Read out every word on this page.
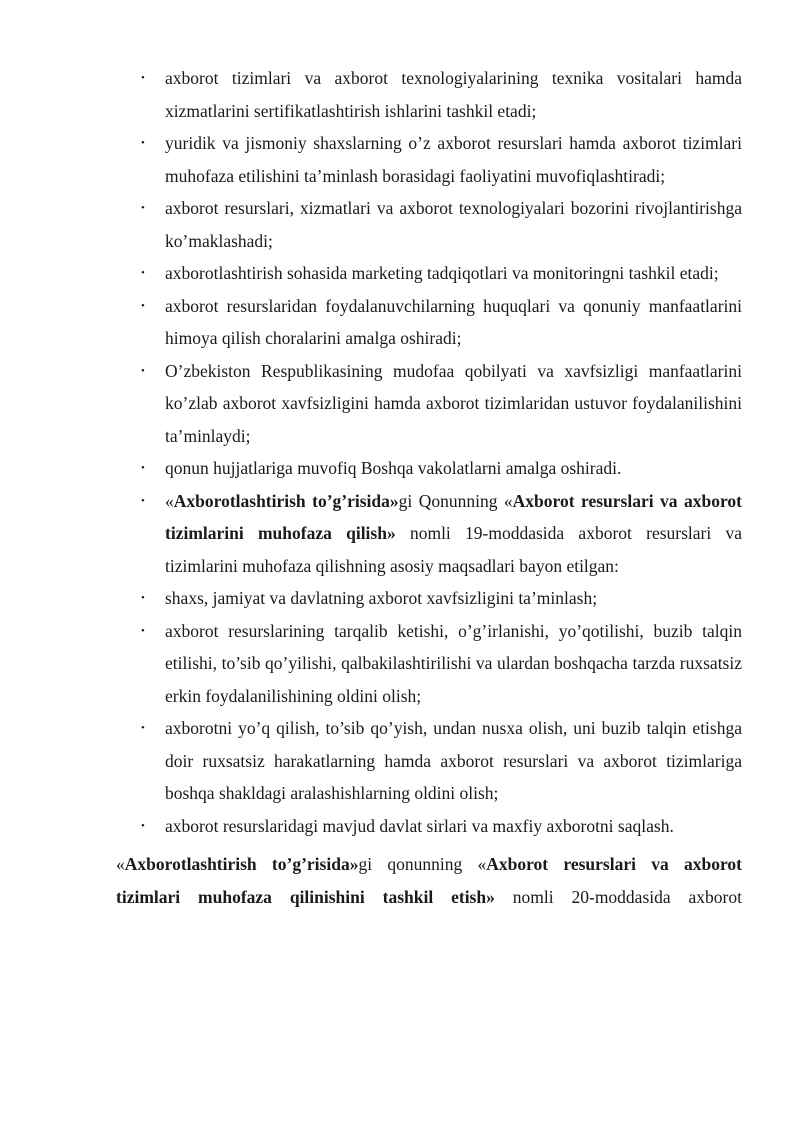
• axborot tizimlari va axborot texnologiyalarining texnika vositalari hamda xizmatlarini sertifikatlashtirish ishlarini tashkil etadi;
• yuridik va jismoniy shaxslarning o’z axborot resurslari hamda axborot tizimlari muhofaza etilishini ta’minlash borasidagi faoliyatini muvofiqlashtiradi;
• axborot resurslari, xizmatlari va axborot texnologiyalari bozorini rivojlantirishga ko’maklashadi;
• axborotlashtirish sohasida marketing tadqiqotlari va monitoringni tashkil etadi;
• axborot resurslaridan foydalanuvchilarning huquqlari va qonuniy manfaatlarini himoya qilish choralarini amalga oshiradi;
• O’zbekiston Respublikasining mudofaa qobilyati va xavfsizligi manfaatlarini ko’zlab axborot xavfsizligini hamda axborot tizimlaridan ustuvor foydalanilishini ta’minlaydi;
• qonun hujjatlariga muvofiq Boshqa vakolatlarni amalga oshiradi.
• «Axborotlashtirish to’g’risida»gi Qonunning «Axborot resurslari va axborot tizimlarini muhofaza qilish» nomli 19-moddasida axborot resurslari va tizimlarini muhofaza qilishning asosiy maqsadlari bayon etilgan:
• shaxs, jamiyat va davlatning axborot xavfsizligini ta’minlash;
• axborot resurslarining tarqalib ketishi, o’g’irlanishi, yo’qotilishi, buzib talqin etilishi, to’sib qo’yilishi, qalbakilashtirilishi va ulardan boshqacha tarzda ruxsatsiz erkin foydalanilishining oldini olish;
• axborotni yo’q qilish, to’sib qo’yish, undan nusxa olish, uni buzib talqin etishga doir ruxsatsiz harakatlarning hamda axborot resurslari va axborot tizimlariga boshqa shakldagi aralashishlarning oldini olish;
• axborot resurslaridagi mavjud davlat sirlari va maxfiy axborotni saqlash.

«Axborotlashtirish to’g’risida»gi qonunning «Axborot resurslari va axborot tizimlari muhofaza qilinishini tashkil etish» nomli 20-moddasida axborot
